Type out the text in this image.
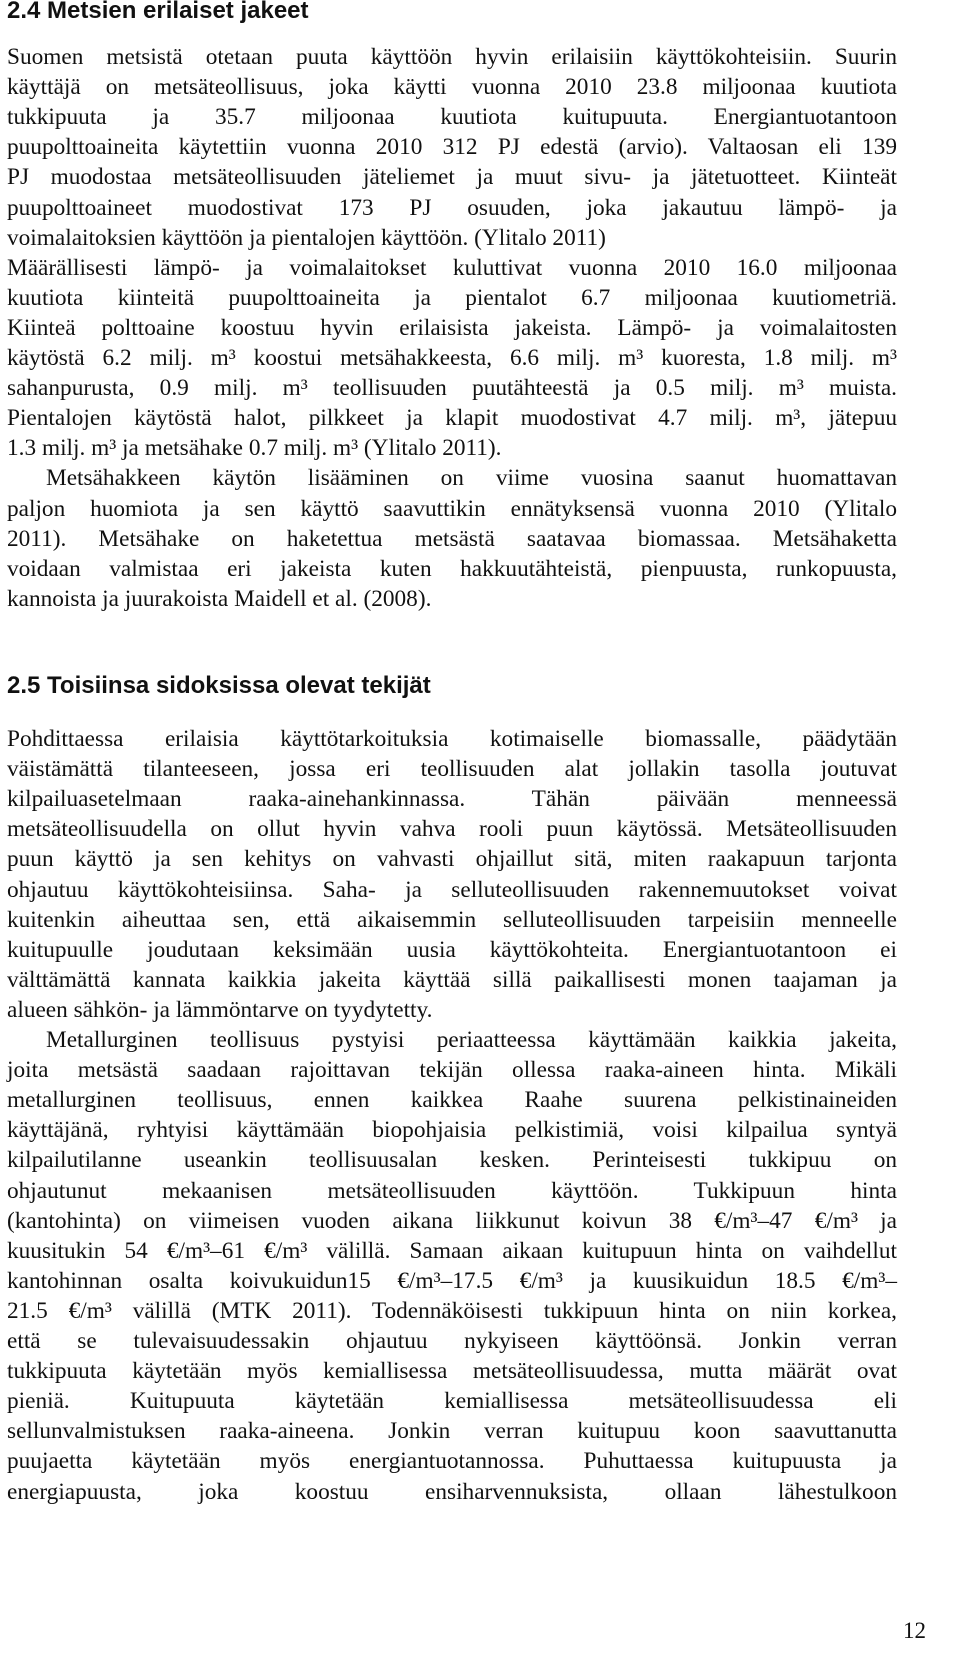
2.4 Metsien erilaiset jakeet

Suomen metsistä otetaan puuta käyttöön hyvin erilaisiin käyttökohteisiin. Suurin

käyttäjä on metsäteollisuus, joka käytti vuonna 2010 23.8 miljoonaa kuutiota

tukkipuuta ja 35.7 miljoonaa kuutiota kuitupuuta. Energiantuotantoon

puupolttoaineita käytettiin vuonna 2010 312 PJ edestä (arvio). Valtaosan eli 139

PJ muodostaa metsäteollisuuden jäteliemet ja muut sivu- ja jätetuotteet. Kiinteät

puupolttoaineet muodostivat 173 PJ osuuden, joka jakautuu lämpö- ja

voimalaitoksien käyttöön ja pientalojen käyttöön. (Ylitalo 2011)

Määrällisesti lämpö- ja voimalaitokset kuluttivat vuonna 2010 16.0 miljoonaa

kuutiota kiinteitä puupolttoaineita ja pientalot 6.7 miljoonaa kuutiometriä.

Kiinteä polttoaine koostuu hyvin erilaisista jakeista. Lämpö- ja voimalaitosten

käytöstä 6.2 milj. m³ koostui metsähakkeesta, 6.6 milj. m³ kuoresta, 1.8 milj. m³

sahanpurusta, 0.9 milj. m³ teollisuuden puutähteestä ja 0.5 milj. m³ muista.

Pientalojen käytöstä halot, pilkkeet ja klapit muodostivat 4.7 milj. m³, jätepuu

1.3 milj. m³ ja metsähake 0.7 milj. m³ (Ylitalo 2011).

Metsähakkeen käytön lisääminen on viime vuosina saanut huomattavan

paljon huomiota ja sen käyttö saavuttikin ennätyksensä vuonna 2010 (Ylitalo

2011). Metsähake on haketettua metsästä saatavaa biomassaa. Metsähaketta

voidaan valmistaa eri jakeista kuten hakkuutähteistä, pienpuusta, runkopuusta,

kannoista ja juurakoista Maidell et al. (2008).

2.5 Toisiinsa sidoksissa olevat tekijät

Pohdittaessa erilaisia käyttötarkoituksia kotimaiselle biomassalle, päädytään

väistämättä tilanteeseen, jossa eri teollisuuden alat jollakin tasolla joutuvat

kilpailuasetelmaan raaka-ainehankinnassa. Tähän päivään menneessä

metsäteollisuudella on ollut hyvin vahva rooli puun käytössä. Metsäteollisuuden

puun käyttö ja sen kehitys on vahvasti ohjaillut sitä, miten raakapuun tarjonta

ohjautuu käyttökohteisiinsa. Saha- ja selluteollisuuden rakennemuutokset voivat

kuitenkin aiheuttaa sen, että aikaisemmin selluteollisuuden tarpeisiin menneelle

kuitupuulle joudutaan keksimään uusia käyttökohteita. Energiantuotantoon ei

välttämättä kannata kaikkia jakeita käyttää sillä paikallisesti monen taajaman ja

alueen sähkön- ja lämmöntarve on tyydytetty.

Metallurginen teollisuus pystyisi periaatteessa käyttämään kaikkia jakeita,

joita metsästä saadaan rajoittavan tekijän ollessa raaka-aineen hinta. Mikäli

metallurginen teollisuus, ennen kaikkea Raahe suurena pelkistinaineiden

käyttäjänä, ryhtyisi käyttämään biopohjaisia pelkistimiä, voisi kilpailua syntyä

kilpailutilanne useankin teollisuusalan kesken. Perinteisesti tukkipuu on

ohjautunut mekaanisen metsäteollisuuden käyttöön. Tukkipuun hinta

(kantohinta) on viimeisen vuoden aikana liikkunut koivun 38 €/m³–47 €/m³ ja

kuusitukin 54 €/m³–61 €/m³ välillä. Samaan aikaan kuitupuun hinta on vaihdellut

kantohinnan osalta koivukuidun15 €/m³–17.5 €/m³ ja kuusikuidun 18.5 €/m³–

21.5 €/m³ välillä (MTK 2011). Todennäköisesti tukkipuun hinta on niin korkea,

että se tulevaisuudessakin ohjautuu nykyiseen käyttöönsä. Jonkin verran

tukkipuuta käytetään myös kemiallisessa metsäteollisuudessa, mutta määrät ovat

pieniä. Kuitupuuta käytetään kemiallisessa metsäteollisuudessa eli

sellunvalmistuksen raaka-aineena. Jonkin verran kuitupuu koon saavuttanutta

puujaetta käytetään myös energiantuotannossa. Puhuttaessa kuitupuusta ja

energiapuusta, joka koostuu ensiharvennuksista, ollaan lähestulkoon

12
